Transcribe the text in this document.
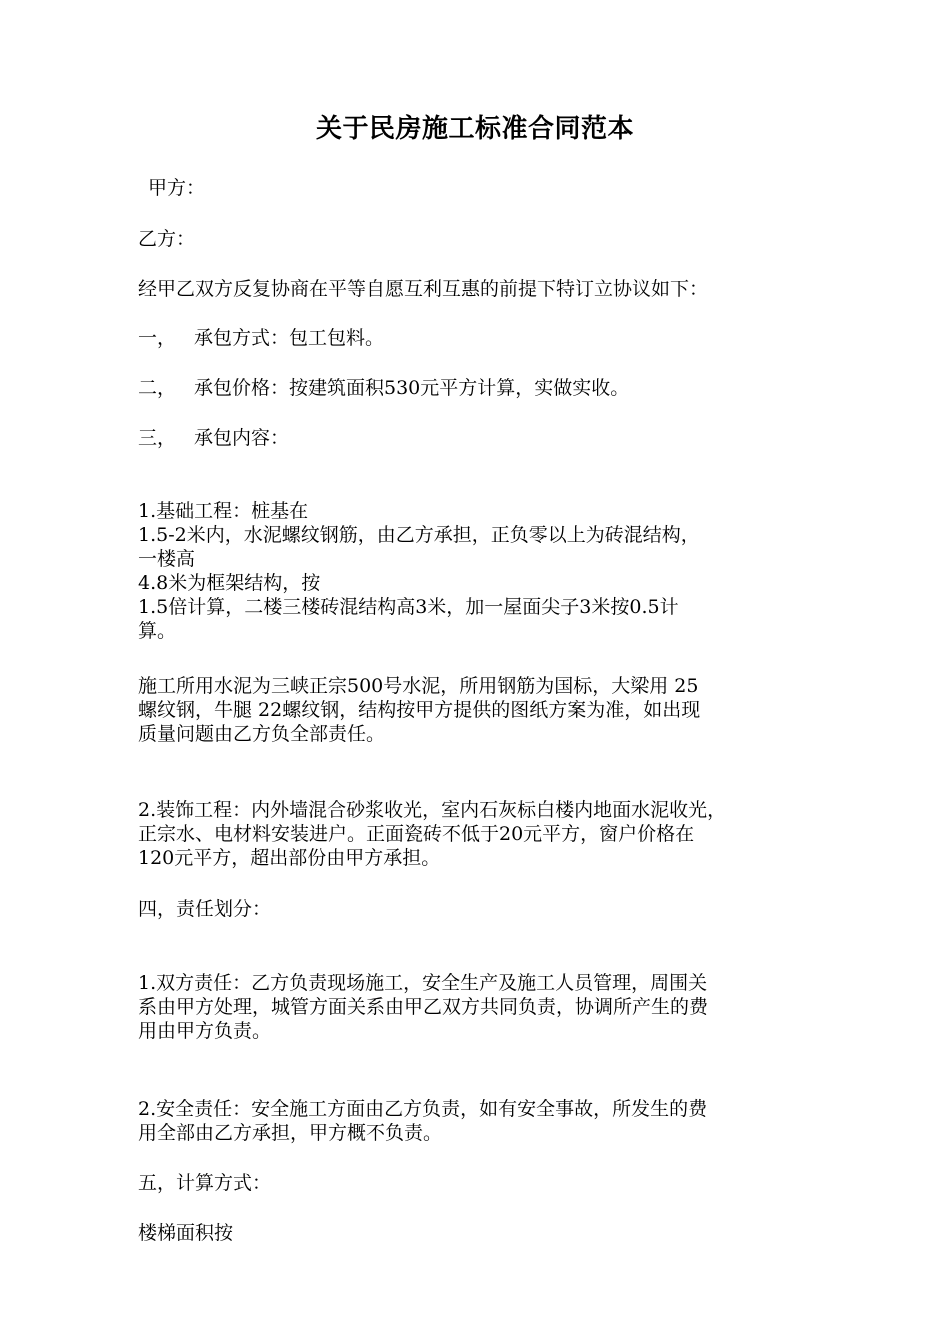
关于民房施工标准合同范本
甲方：
乙方：
经甲乙双方反复协商在平等自愿互利互惠的前提下特订立协议如下：
一， 承包方式：包工包料。
二， 承包价格：按建筑面积530元平方计算，实做实收。
三， 承包内容：
1.基础工程：桩基在
1.5-2米内，水泥螺纹钢筋，由乙方承担，正负零以上为砖混结构，
一楼高
4.8米为框架结构，按
1.5倍计算，二楼三楼砖混结构高3米，加一屋面尖子3米按0.5计
算。
施工所用水泥为三峡正宗500号水泥，所用钢筋为国标，大梁用 25
螺纹钢，牛腿 22螺纹钢，结构按甲方提供的图纸方案为准，如出现
质量问题由乙方负全部责任。
2.装饰工程：内外墙混合砂浆收光，室内石灰标白楼内地面水泥收光，
正宗水、电材料安装进户。正面瓷砖不低于20元平方，窗户价格在
120元平方，超出部份由甲方承担。
四，责任划分：
1.双方责任：乙方负责现场施工，安全生产及施工人员管理，周围关
系由甲方处理，城管方面关系由甲乙双方共同负责，协调所产生的费
用由甲方负责。
2.安全责任：安全施工方面由乙方负责，如有安全事故，所发生的费
用全部由乙方承担，甲方概不负责。
五，计算方式：
楼梯面积按
